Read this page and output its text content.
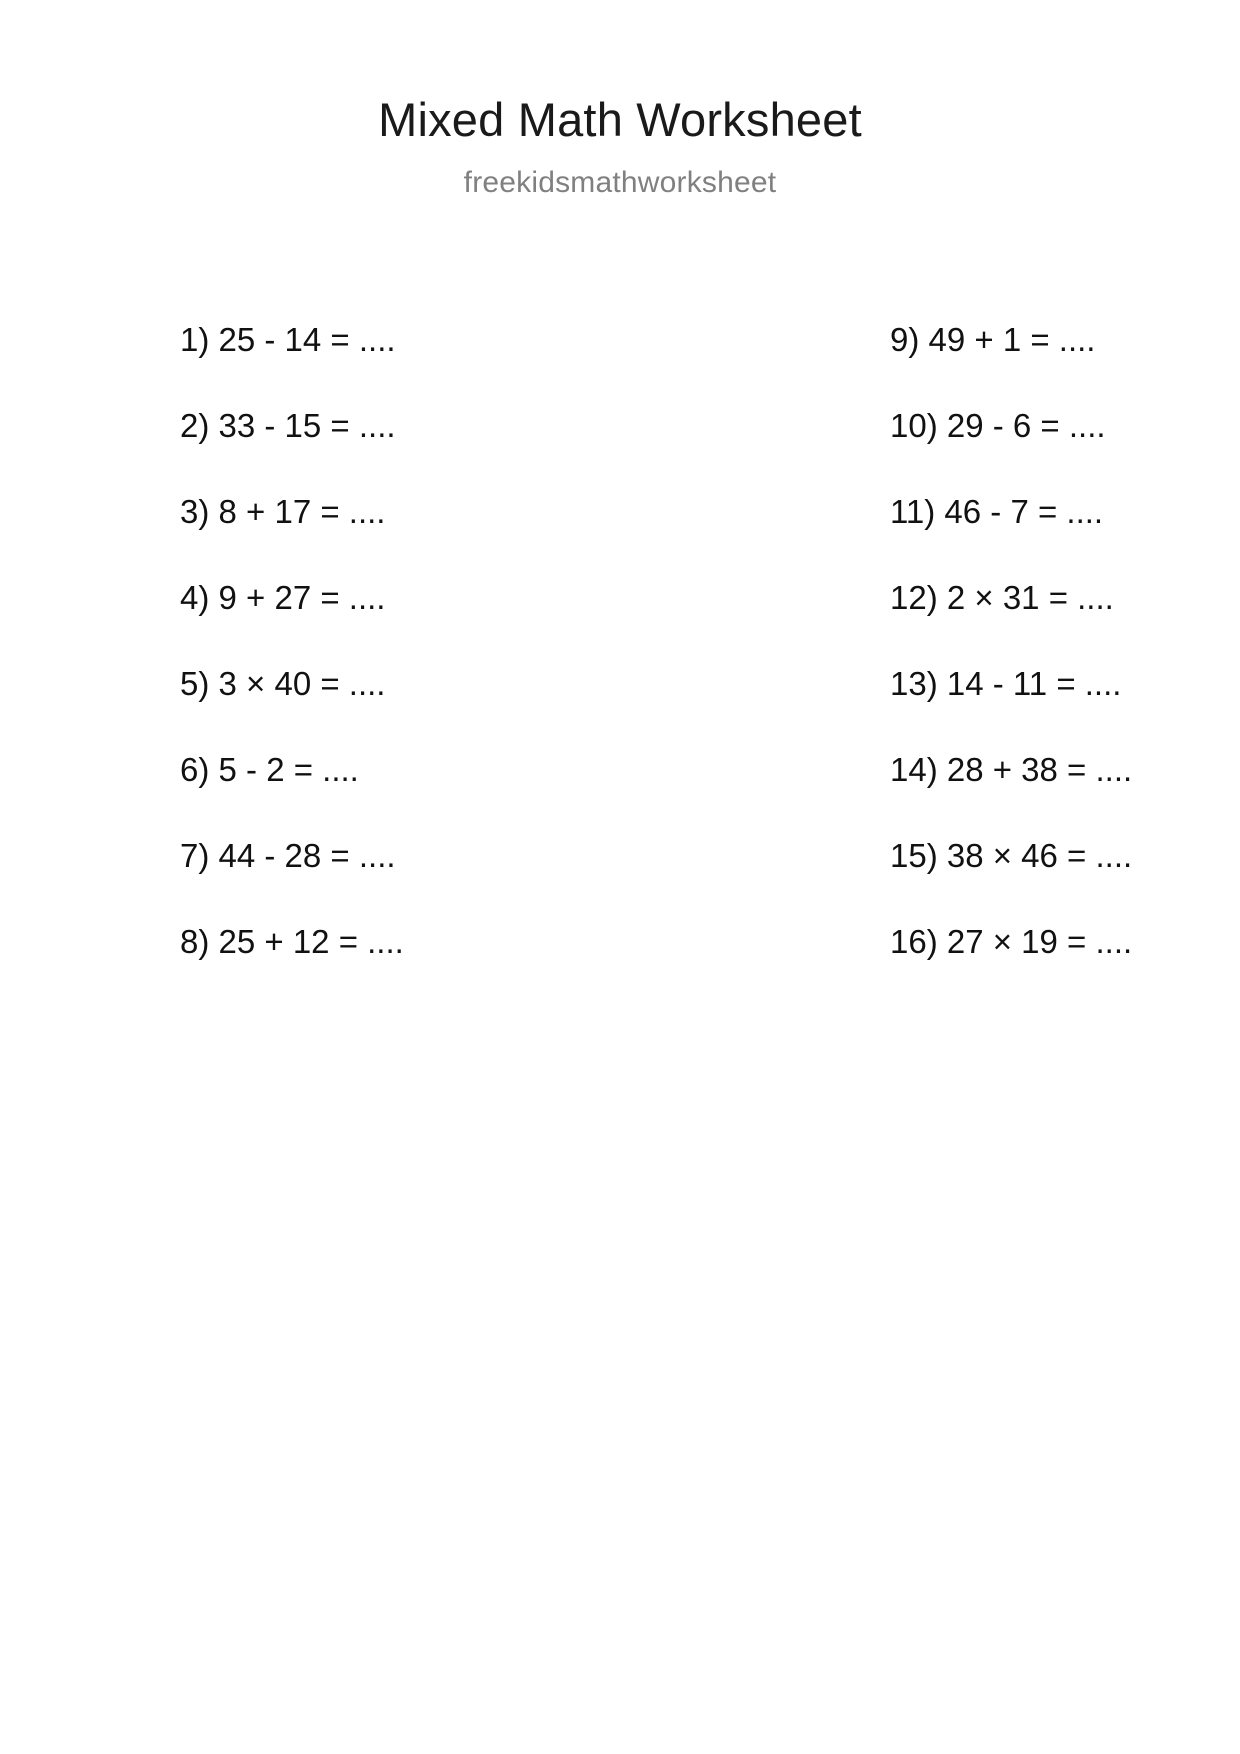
Mixed Math Worksheet
freekidsmathworksheet
1) 25 - 14 = ....
2) 33 - 15 = ....
3) 8 + 17 = ....
4) 9 + 27 = ....
5) 3 × 40 = ....
6) 5 - 2 = ....
7) 44 - 28 = ....
8) 25 + 12 = ....
9) 49 + 1 = ....
10) 29 - 6 = ....
11) 46 - 7 = ....
12) 2 × 31 = ....
13) 14 - 11 = ....
14) 28 + 38 = ....
15) 38 × 46 = ....
16) 27 × 19 = ....
